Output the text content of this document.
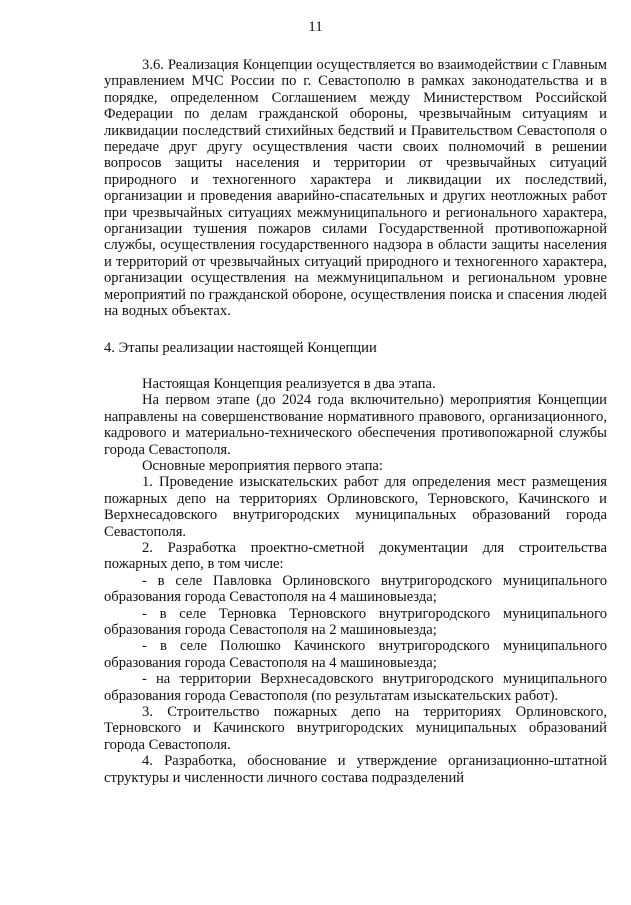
11

3.6. Реализация Концепции осуществляется во взаимодействии с Главным управлением МЧС России по г. Севастополю в рамках законодательства и в порядке, определенном Соглашением между Министерством Российской Федерации по делам гражданской обороны, чрезвычайным ситуациям и ликвидации последствий стихийных бедствий и Правительством Севастополя о передаче друг другу осуществления части своих полномочий в решении вопросов защиты населения и территории от чрезвычайных ситуаций природного и техногенного характера и ликвидации их последствий, организации и проведения аварийно-спасательных и других неотложных работ при чрезвычайных ситуациях межмуниципального и регионального характера, организации тушения пожаров силами Государственной противопожарной службы, осуществления государственного надзора в области защиты населения и территорий от чрезвычайных ситуаций природного и техногенного характера, организации осуществления на межмуниципальном и региональном уровне мероприятий по гражданской обороне, осуществления поиска и спасения людей на водных объектах.

4. Этапы реализации настоящей Концепции

Настоящая Концепция реализуется в два этапа.

На первом этапе (до 2024 года включительно) мероприятия Концепции направлены на совершенствование нормативного правового, организационного, кадрового и материально-технического обеспечения противопожарной службы города Севастополя.

Основные мероприятия первого этапа:

1. Проведение изыскательских работ для определения мест размещения пожарных депо на территориях Орлиновского, Терновского, Качинского и Верхнесадовского внутригородских муниципальных образований города Севастополя.

2. Разработка проектно-сметной документации для строительства пожарных депо, в том числе:

- в селе Павловка Орлиновского внутригородского муниципального образования города Севастополя на 4 машиновыезда;

- в селе Терновка Терновского внутригородского муниципального образования города Севастополя на 2 машиновыезда;

- в селе Полюшко Качинского внутригородского муниципального образования города Севастополя на 4 машиновыезда;

- на территории Верхнесадовского внутригородского муниципального образования города Севастополя (по результатам изыскательских работ).

3. Строительство пожарных депо на территориях Орлиновского, Терновского и Качинского внутригородских муниципальных образований города Севастополя.

4. Разработка, обоснование и утверждение организационно-штатной структуры и численности личного состава подразделений
